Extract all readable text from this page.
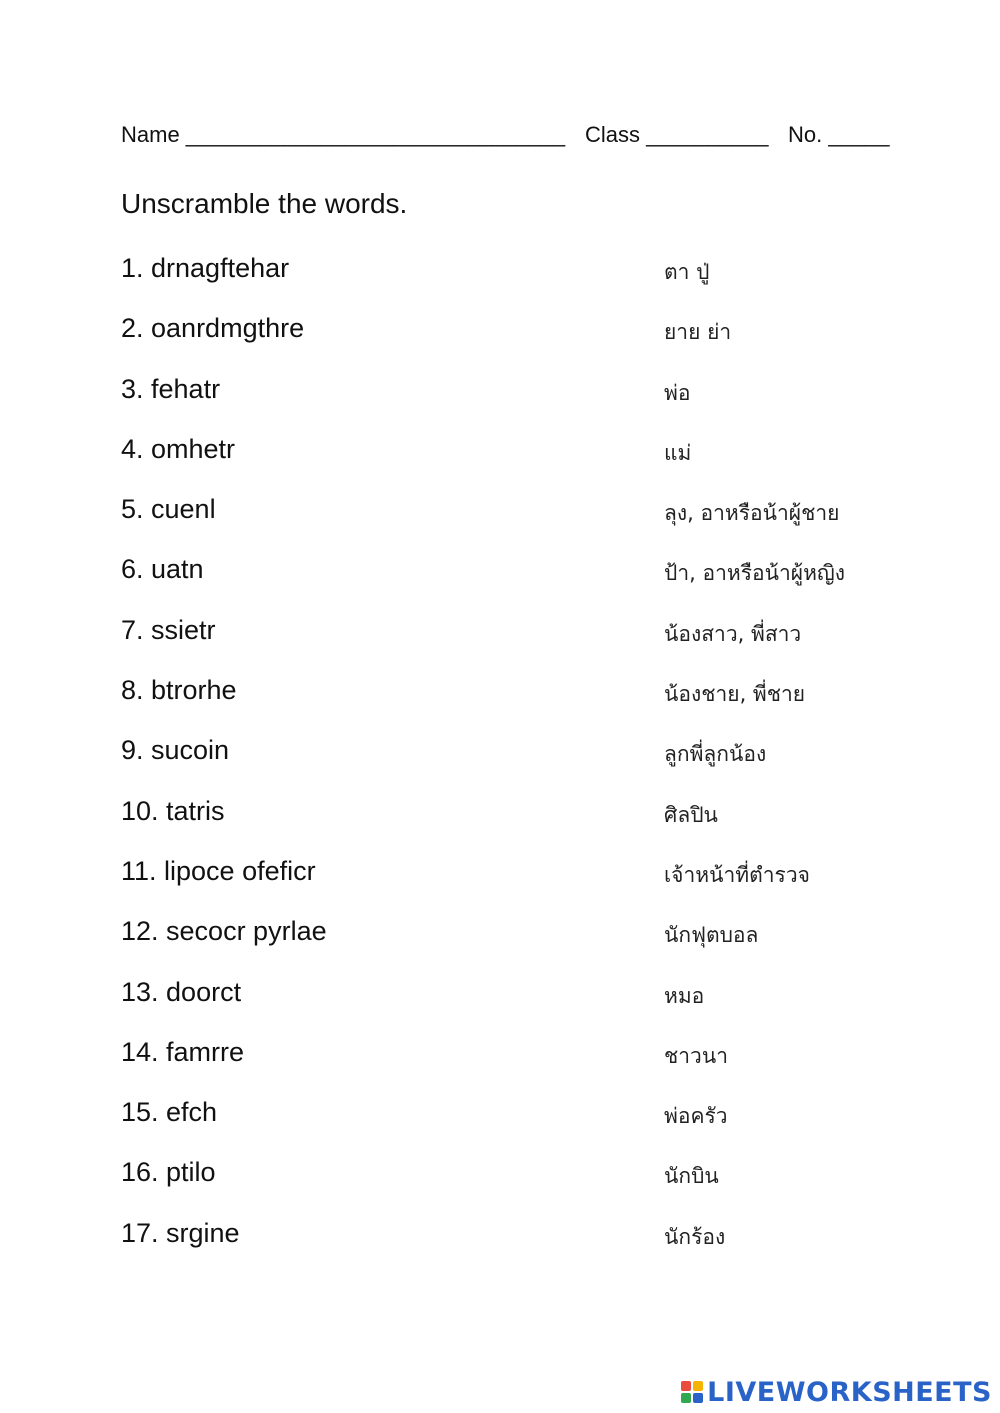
Name _______________________________ Class __________ No. _____
Unscramble the words.
1. drnagftehar	ตา ปู่
2. oanrdmgthre	ยาย ย่า
3. fehatr	พ่อ
4. omhetr	แม่
5. cuenl	ลุง, อาหรือน้าผู้ชาย
6. uatn	ป้า, อาหรือน้าผู้หญิง
7. ssietr	น้องสาว, พี่สาว
8. btrorhe	น้องชาย, พี่ชาย
9. sucoin	ลูกพี่ลูกน้อง
10. tatris	ศิลปิน
11. lipoce ofeficr	เจ้าหน้าที่ตำรวจ
12. secocr pyrlae	นักฟุตบอล
13. doorct	หมอ
14. famrre	ชาวนา
15. efch	พ่อครัว
16. ptilo	นักบิน
17. srgine	นักร้อง
LIVEWORKSHEETS
